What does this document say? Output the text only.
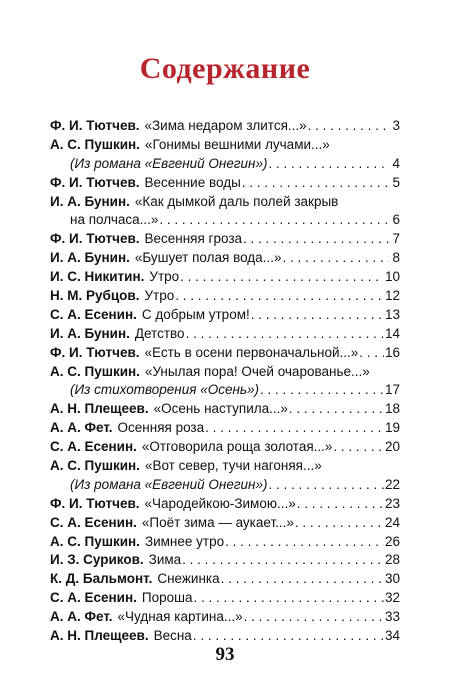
Содержание
Ф. И. Тютчев. «Зима недаром злится...» . . .	3
А. С. Пушкин. «Гонимы вешними лучами...»
(Из романа «Евгений Онегин») . . .	4
Ф. И. Тютчев. Весенние воды . . .	5
И. А. Бунин. «Как дымкой даль полей закрыв
на полчаса...» . . .	6
Ф. И. Тютчев. Весенняя гроза . . .	7
И. А. Бунин. «Бушует полая вода...» . . .	8
И. С. Никитин. Утро . . .	10
Н. М. Рубцов. Утро . . .	12
С. А. Есенин. С добрым утром! . . .	13
И. А. Бунин. Детство . . .	14
Ф. И. Тютчев. «Есть в осени первоначальной...» . . . 16
А. С. Пушкин. «Унылая пора! Очей очарованье...»
(Из стихотворения «Осень») . . .	17
А. Н. Плещеев. «Осень наступила...» . . .	18
А. А. Фет. Осенняя роза . . .	19
С. А. Есенин. «Отговорила роща золотая...» . . .	20
А. С. Пушкин. «Вот север, тучи нагоняя...»
(Из романа «Евгений Онегин») . . .	22
Ф. И. Тютчев. «Чародейкою-Зимою...» . . .	23
С. А. Есенин. «Поёт зима — аукает...» . . .	24
А. С. Пушкин. Зимнее утро . . .	26
И. З. Суриков. Зима . . .	28
К. Д. Бальмонт. Снежинка . . .	30
С. А. Есенин. Пороша . . .	32
А. А. Фет. «Чудная картина...» . . .	33
А. Н. Плещеев. Весна . . .	34
93
